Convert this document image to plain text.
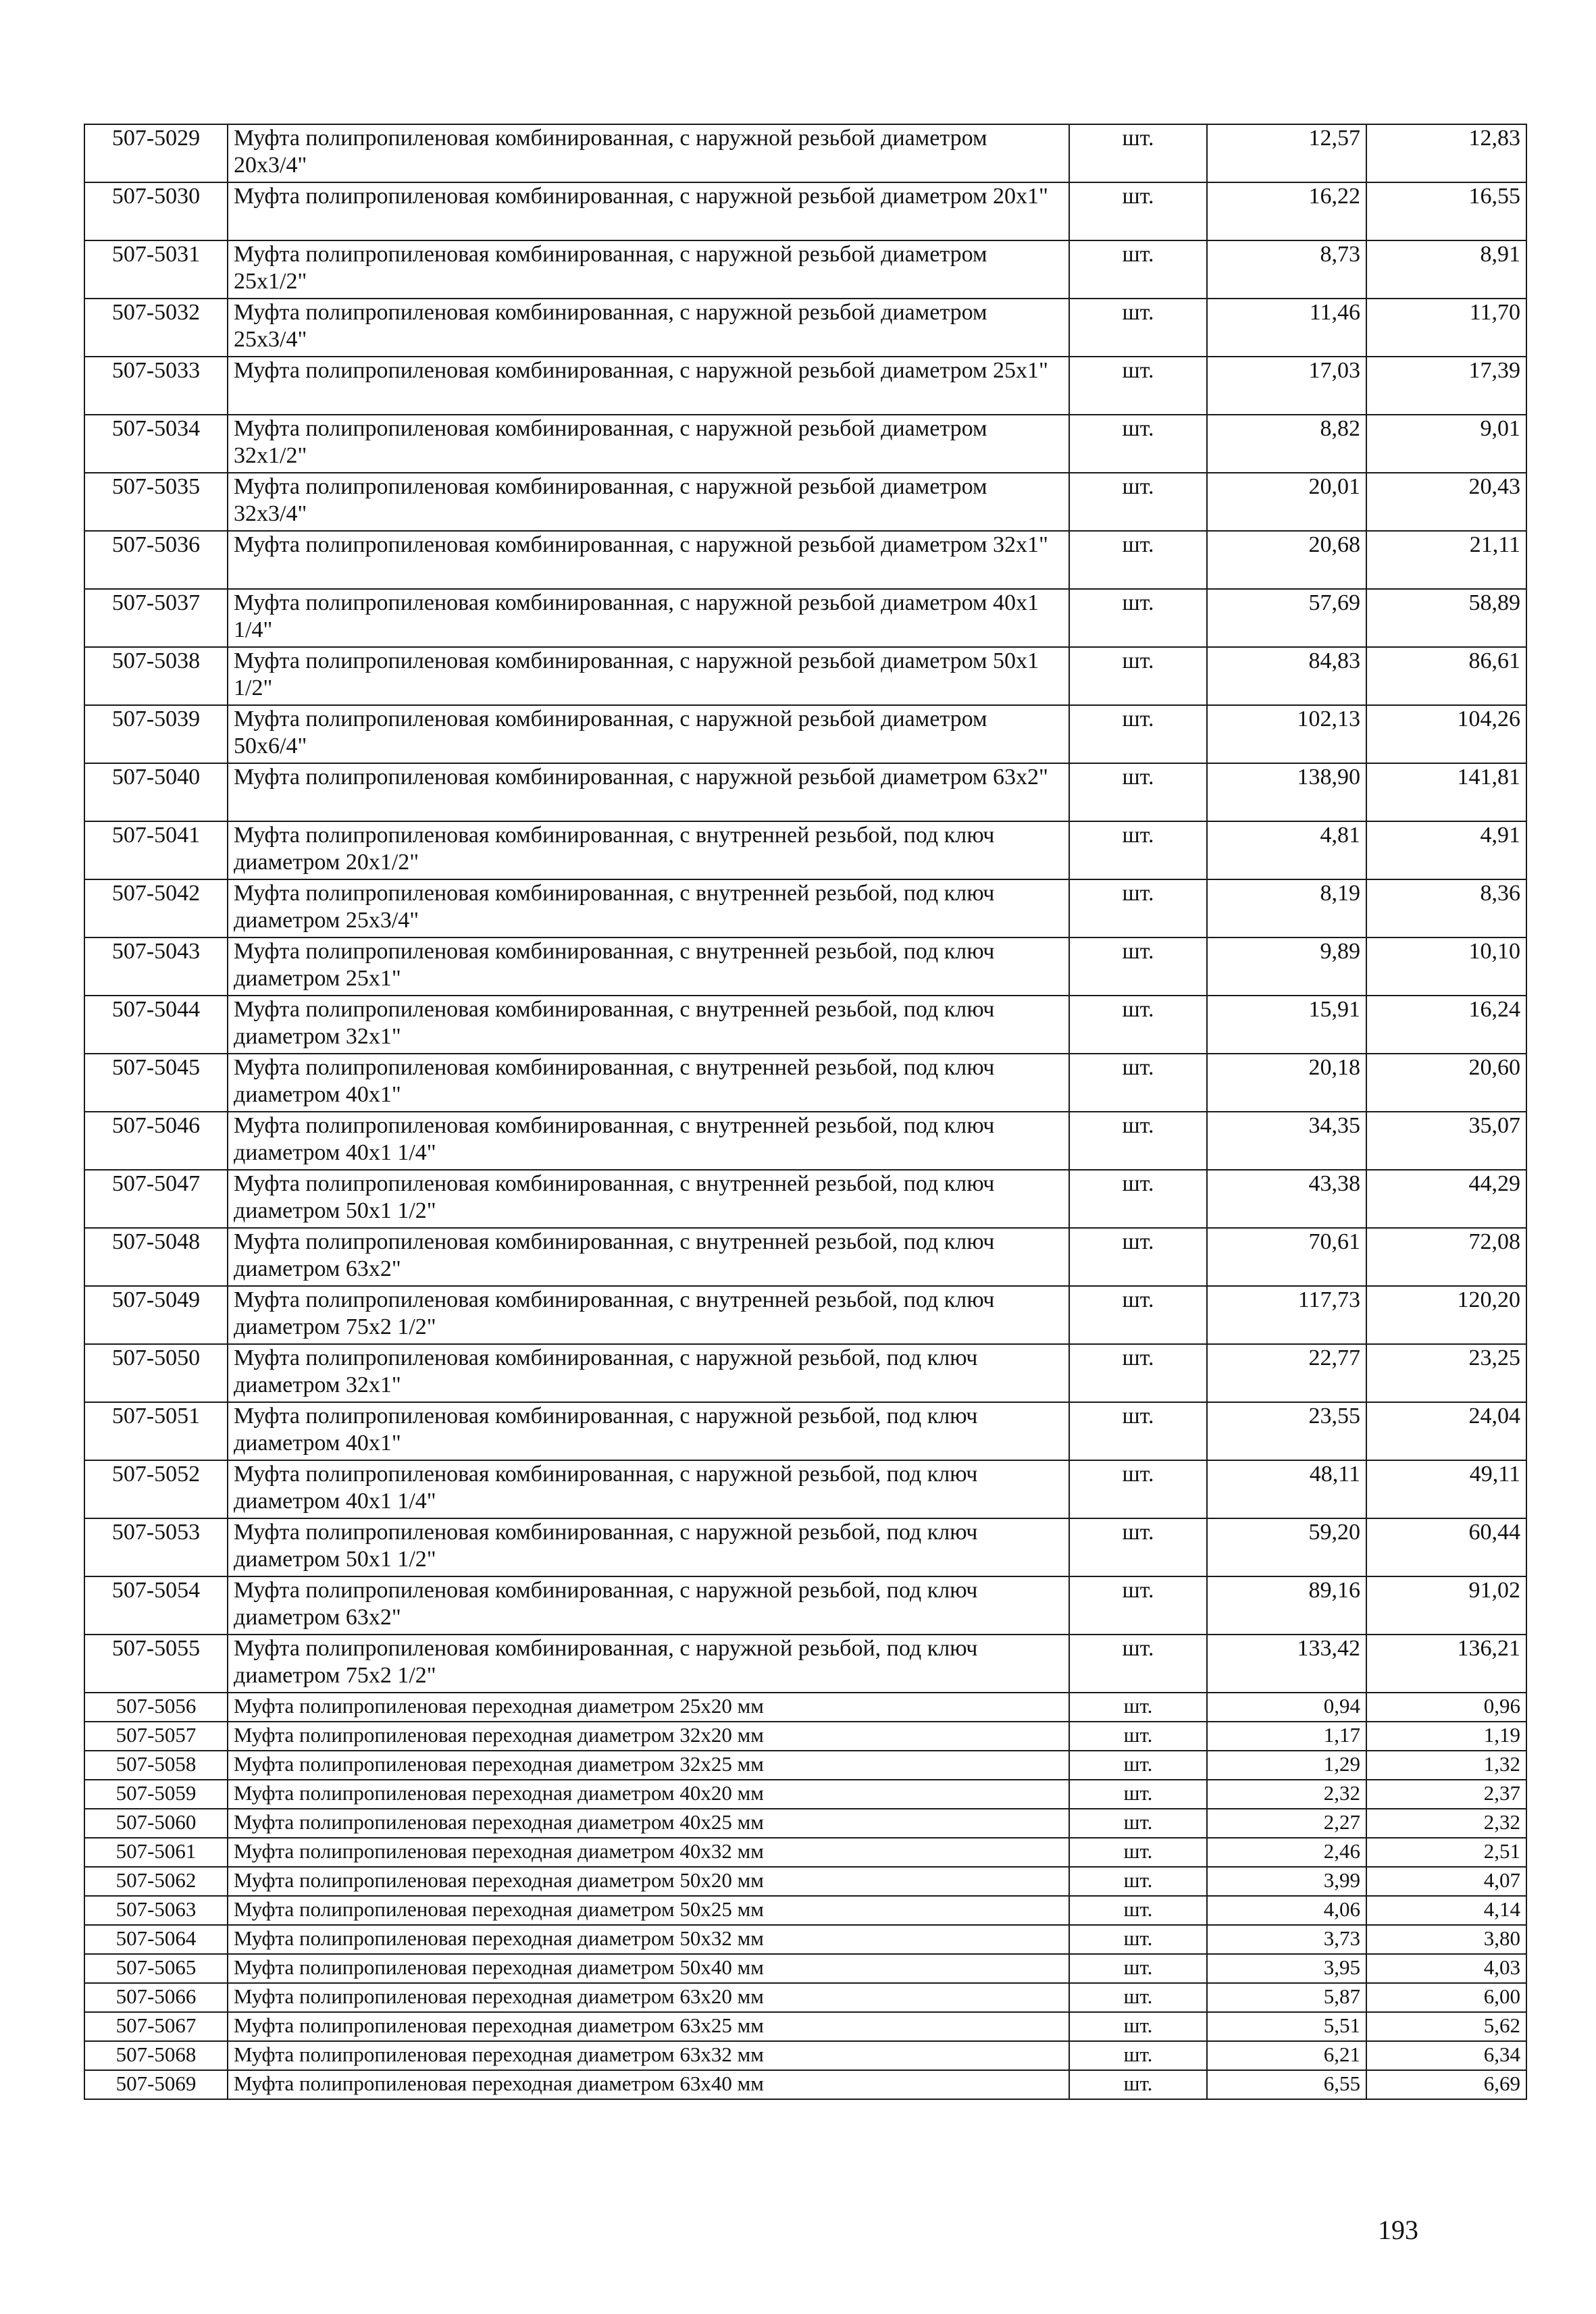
507-5029	Муфта полипропиленовая комбинированная, с наружной резьбой диаметром 20х3/4"	шт.	12,57	12,83
507-5030	Муфта полипропиленовая комбинированная, с наружной резьбой диаметром 20х1"	шт.	16,22	16,55
507-5031	Муфта полипропиленовая комбинированная, с наружной резьбой диаметром 25х1/2"	шт.	8,73	8,91
507-5032	Муфта полипропиленовая комбинированная, с наружной резьбой диаметром 25х3/4"	шт.	11,46	11,70
507-5033	Муфта полипропиленовая комбинированная, с наружной резьбой диаметром 25х1"	шт.	17,03	17,39
507-5034	Муфта полипропиленовая комбинированная, с наружной резьбой диаметром 32х1/2"	шт.	8,82	9,01
507-5035	Муфта полипропиленовая комбинированная, с наружной резьбой диаметром 32х3/4"	шт.	20,01	20,43
507-5036	Муфта полипропиленовая комбинированная, с наружной резьбой диаметром 32х1"	шт.	20,68	21,11
507-5037	Муфта полипропиленовая комбинированная, с наружной резьбой диаметром 40х1 1/4"	шт.	57,69	58,89
507-5038	Муфта полипропиленовая комбинированная, с наружной резьбой диаметром 50х1 1/2"	шт.	84,83	86,61
507-5039	Муфта полипропиленовая комбинированная, с наружной резьбой диаметром 50х6/4"	шт.	102,13	104,26
507-5040	Муфта полипропиленовая комбинированная, с наружной резьбой диаметром 63х2"	шт.	138,90	141,81
507-5041	Муфта полипропиленовая комбинированная, с внутренней резьбой, под ключ диаметром 20х1/2"	шт.	4,81	4,91
507-5042	Муфта полипропиленовая комбинированная, с внутренней резьбой, под ключ диаметром 25х3/4"	шт.	8,19	8,36
507-5043	Муфта полипропиленовая комбинированная, с внутренней резьбой, под ключ диаметром 25х1"	шт.	9,89	10,10
507-5044	Муфта полипропиленовая комбинированная, с внутренней резьбой, под ключ диаметром 32х1"	шт.	15,91	16,24
507-5045	Муфта полипропиленовая комбинированная, с внутренней резьбой, под ключ диаметром 40х1"	шт.	20,18	20,60
507-5046	Муфта полипропиленовая комбинированная, с внутренней резьбой, под ключ диаметром 40х1 1/4"	шт.	34,35	35,07
507-5047	Муфта полипропиленовая комбинированная, с внутренней резьбой, под ключ диаметром 50х1 1/2"	шт.	43,38	44,29
507-5048	Муфта полипропиленовая комбинированная, с внутренней резьбой, под ключ диаметром 63х2"	шт.	70,61	72,08
507-5049	Муфта полипропиленовая комбинированная, с внутренней резьбой, под ключ диаметром 75х2 1/2"	шт.	117,73	120,20
507-5050	Муфта полипропиленовая комбинированная, с наружной резьбой, под ключ диаметром 32х1"	шт.	22,77	23,25
507-5051	Муфта полипропиленовая комбинированная, с наружной резьбой, под ключ диаметром 40х1"	шт.	23,55	24,04
507-5052	Муфта полипропиленовая комбинированная, с наружной резьбой, под ключ диаметром 40х1 1/4"	шт.	48,11	49,11
507-5053	Муфта полипропиленовая комбинированная, с наружной резьбой, под ключ диаметром 50х1 1/2"	шт.	59,20	60,44
507-5054	Муфта полипропиленовая комбинированная, с наружной резьбой, под ключ диаметром 63х2"	шт.	89,16	91,02
507-5055	Муфта полипропиленовая комбинированная, с наружной резьбой, под ключ диаметром 75х2 1/2"	шт.	133,42	136,21
507-5056	Муфта полипропиленовая переходная диаметром 25х20 мм	шт.	0,94	0,96
507-5057	Муфта полипропиленовая переходная диаметром 32х20 мм	шт.	1,17	1,19
507-5058	Муфта полипропиленовая переходная диаметром 32х25 мм	шт.	1,29	1,32
507-5059	Муфта полипропиленовая переходная диаметром 40х20 мм	шт.	2,32	2,37
507-5060	Муфта полипропиленовая переходная диаметром 40х25 мм	шт.	2,27	2,32
507-5061	Муфта полипропиленовая переходная диаметром 40х32 мм	шт.	2,46	2,51
507-5062	Муфта полипропиленовая переходная диаметром 50х20 мм	шт.	3,99	4,07
507-5063	Муфта полипропиленовая переходная диаметром 50х25 мм	шт.	4,06	4,14
507-5064	Муфта полипропиленовая переходная диаметром 50х32 мм	шт.	3,73	3,80
507-5065	Муфта полипропиленовая переходная диаметром 50х40 мм	шт.	3,95	4,03
507-5066	Муфта полипропиленовая переходная диаметром 63х20 мм	шт.	5,87	6,00
507-5067	Муфта полипропиленовая переходная диаметром 63х25 мм	шт.	5,51	5,62
507-5068	Муфта полипропиленовая переходная диаметром 63х32 мм	шт.	6,21	6,34
507-5069	Муфта полипропиленовая переходная диаметром 63х40 мм	шт.	6,55	6,69
193
